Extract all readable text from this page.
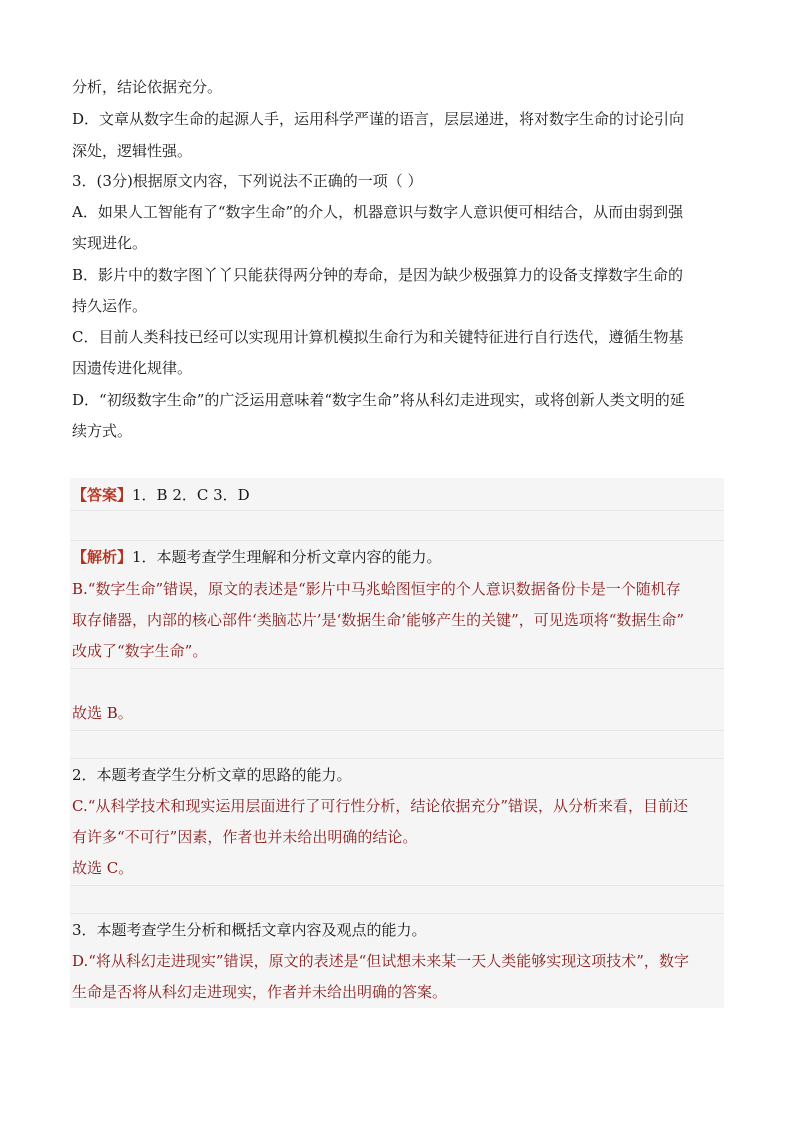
分析，结论依据充分。
D．文章从数字生命的起源人手，运用科学严谨的语言，层层递进，将对数字生命的讨论引向
深处，逻辑性强。
3．(3分)根据原文内容，下列说法不正确的一项（ ）
A．如果人工智能有了“数字生命”的介人，机器意识与数字人意识便可相结合，从而由弱到强
实现进化。
B．影片中的数字图丫丫只能获得两分钟的寿命，是因为缺少极强算力的设备支撑数字生命的
持久运作。
C．目前人类科技已经可以实现用计算机模拟生命行为和关键特征进行自行迭代，遵循生物基
因遗传进化规律。
D．“初级数字生命”的广泛运用意味着“数字生命”将从科幻走进现实，或将创新人类文明的延
续方式。
【答案】1．B 2．C 3．D
【解析】1．本题考查学生理解和分析文章内容的能力。
B.“数字生命”错误，原文的表述是“影片中马兆蛤图恒宇的个人意识数据备份卡是一个随机存
取存储器，内部的核心部件‘类脑芯片’是‘数据生命’能够产生的关键”，可见选项将“数据生命”
改成了“数字生命”。
故选 B。
2．本题考查学生分析文章的思路的能力。
C.“从科学技术和现实运用层面进行了可行性分析，结论依据充分”错误，从分析来看，目前还
有许多“不可行”因素，作者也并未给出明确的结论。
故选 C。
3．本题考查学生分析和概括文章内容及观点的能力。
D.“将从科幻走进现实”错误，原文的表述是“但试想未来某一天人类能够实现这项技术”，数字
生命是否将从科幻走进现实，作者并未给出明确的答案。
